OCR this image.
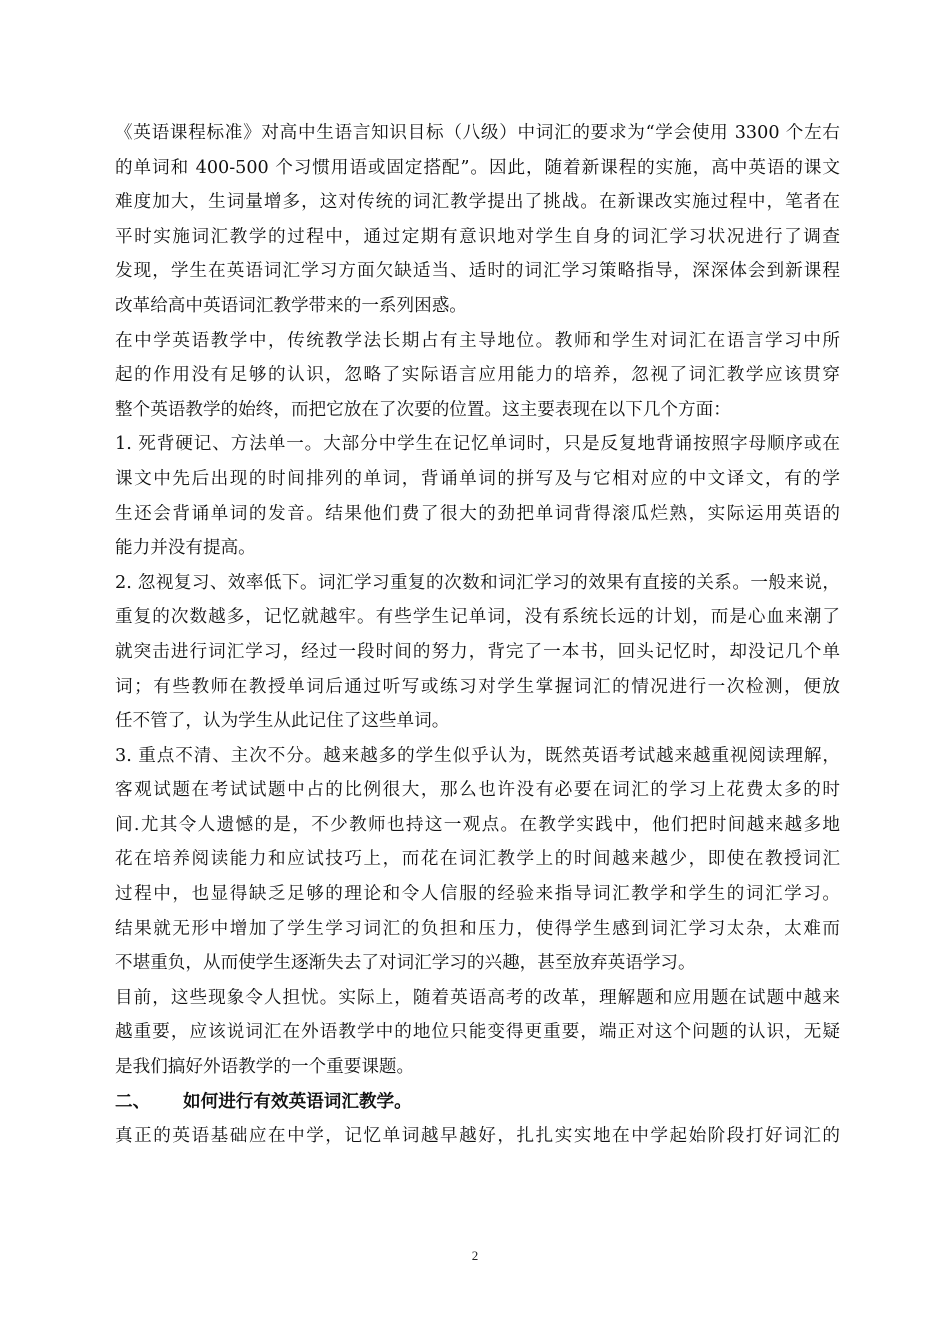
《英语课程标准》对高中生语言知识目标（八级）中词汇的要求为“学会使用 3300 个左右
的单词和 400-500 个习惯用语或固定搭配”。因此，随着新课程的实施，高中英语的课文
难度加大，生词量增多，这对传统的词汇教学提出了挑战。在新课改实施过程中，笔者在
平时实施词汇教学的过程中，通过定期有意识地对学生自身的词汇学习状况进行了调查
发现，学生在英语词汇学习方面欠缺适当、适时的词汇学习策略指导，深深体会到新课程
改革给高中英语词汇教学带来的一系列困惑。
在中学英语教学中，传统教学法长期占有主导地位。教师和学生对词汇在语言学习中所
起的作用没有足够的认识，忽略了实际语言应用能力的培养，忽视了词汇教学应该贯穿
整个英语教学的始终，而把它放在了次要的位置。这主要表现在以下几个方面：
1. 死背硬记、方法单一。大部分中学生在记忆单词时，只是反复地背诵按照字母顺序或在
课文中先后出现的时间排列的单词，背诵单词的拼写及与它相对应的中文译文，有的学
生还会背诵单词的发音。结果他们费了很大的劲把单词背得滚瓜烂熟，实际运用英语的
能力并没有提高。
2. 忽视复习、效率低下。词汇学习重复的次数和词汇学习的效果有直接的关系。一般来说，
重复的次数越多，记忆就越牢。有些学生记单词，没有系统长远的计划，而是心血来潮了
就突击进行词汇学习，经过一段时间的努力，背完了一本书，回头记忆时，却没记几个单
词；有些教师在教授单词后通过听写或练习对学生掌握词汇的情况进行一次检测，便放
任不管了，认为学生从此记住了这些单词。
3. 重点不清、主次不分。越来越多的学生似乎认为，既然英语考试越来越重视阅读理解，
客观试题在考试试题中占的比例很大，那么也许没有必要在词汇的学习上花费太多的时
间.尤其令人遗憾的是，不少教师也持这一观点。在教学实践中，他们把时间越来越多地
花在培养阅读能力和应试技巧上，而花在词汇教学上的时间越来越少，即使在教授词汇
过程中，也显得缺乏足够的理论和令人信服的经验来指导词汇教学和学生的词汇学习。
结果就无形中增加了学生学习词汇的负担和压力，使得学生感到词汇学习太杂，太难而
不堪重负，从而使学生逐渐失去了对词汇学习的兴趣，甚至放弃英语学习。
目前，这些现象令人担忧。实际上，随着英语高考的改革，理解题和应用题在试题中越来
越重要，应该说词汇在外语教学中的地位只能变得更重要，端正对这个问题的认识，无疑
是我们搞好外语教学的一个重要课题。
二、 如何进行有效英语词汇教学。
真正的英语基础应在中学，记忆单词越早越好，扎扎实实地在中学起始阶段打好词汇的
2
